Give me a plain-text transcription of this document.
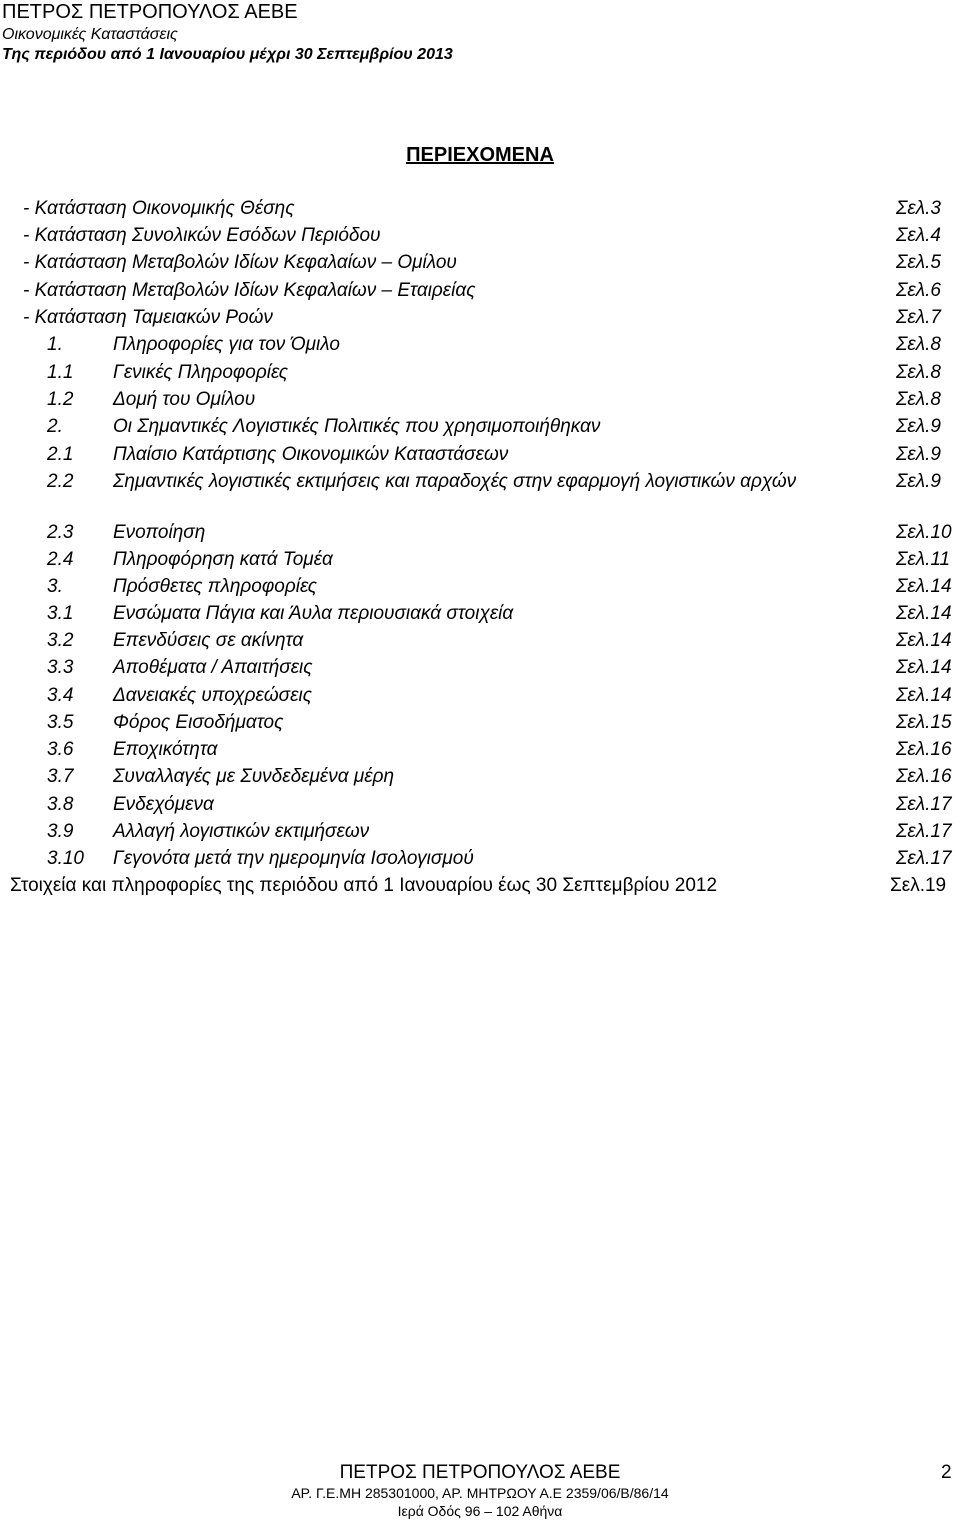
ΠΕΤΡΟΣ ΠΕΤΡΟΠΟΥΛΟΣ ΑΕΒΕ
Οικονομικές Καταστάσεις
Της περιόδου από 1 Ιανουαρίου μέχρι 30 Σεπτεμβρίου 2013
ΠΕΡΙΕΧΟΜΕΝΑ
- Κατάσταση Οικονομικής Θέσης	Σελ.3
- Κατάσταση Συνολικών Εσόδων Περιόδου	Σελ.4
- Κατάσταση Μεταβολών Ιδίων Κεφαλαίων – Ομίλου	Σελ.5
- Κατάσταση Μεταβολών Ιδίων Κεφαλαίων – Εταιρείας	Σελ.6
- Κατάσταση Ταμειακών Ροών	Σελ.7
1.	Πληροφορίες για τον Όμιλο	Σελ.8
1.1 Γενικές Πληροφορίες	Σελ.8
1.2 Δομή του Ομίλου	Σελ.8
2.	Οι Σημαντικές Λογιστικές Πολιτικές που χρησιμοποιήθηκαν	Σελ.9
2.1 Πλαίσιο Κατάρτισης Οικονομικών Καταστάσεων	Σελ.9
2.2 Σημαντικές λογιστικές εκτιμήσεις και παραδοχές στην εφαρμογή λογιστικών αρχών	Σελ.9
2.3 Ενοποίηση	Σελ.10
2.4 Πληροφόρηση κατά Τομέα	Σελ.11
3.	Πρόσθετες πληροφορίες	Σελ.14
3.1 Ενσώματα Πάγια και Άυλα περιουσιακά στοιχεία	Σελ.14
3.2 Επενδύσεις σε ακίνητα	Σελ.14
3.3 Αποθέματα / Απαιτήσεις	Σελ.14
3.4 Δανειακές υποχρεώσεις	Σελ.14
3.5 Φόρος Εισοδήματος	Σελ.15
3.6 Εποχικότητα	Σελ.16
3.7 Συναλλαγές με Συνδεδεμένα μέρη	Σελ.16
3.8 Ενδεχόμενα	Σελ.17
3.9 Αλλαγή λογιστικών εκτιμήσεων	Σελ.17
3.10 Γεγονότα μετά την ημερομηνία Ισολογισμού	Σελ.17
Στοιχεία και πληροφορίες της περιόδου από 1 Ιανουαρίου έως 30 Σεπτεμβρίου 2012	Σελ.19
ΠΕΤΡΟΣ ΠΕΤΡΟΠΟΥΛΟΣ ΑΕΒΕ	2
ΑΡ. Γ.Ε.ΜΗ 285301000, ΑΡ. ΜΗΤΡΩΟΥ Α.Ε 2359/06/Β/86/14
Ιερά Οδός 96 – 102 Αθήνα
